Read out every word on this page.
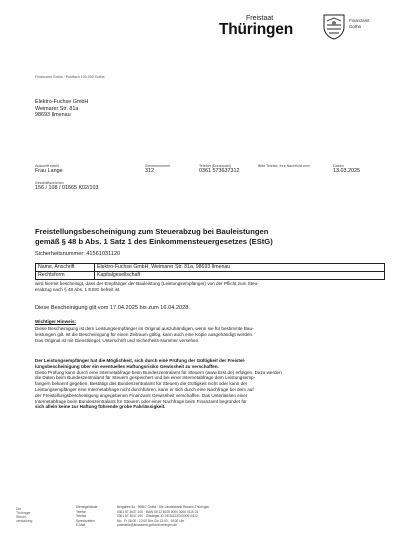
Freistaat
Thüringen
Finanzamt
Gotha
Finanzamt Gotha · Postfach 100 000 Gotha
Elektro-Fuchse GmbH
Weimarer Str. 81a
98693 Ilmenau
Auskunft erteilt
Frau Lange
Geschäftszeichen
156 / 108 / 01665 K02/103
Zimmernummer
312
Telefon (Durchwahl)
0361 573637312
Bitte Telefax, Ihre Nachricht vom	Datum
13.03.2025
Freistellungsbescheinigung zum Steuerabzug bei Bauleistungen
gemäß § 48 b Abs. 1 Satz 1 des Einkommensteuergesetzes (EStG)
Sicherheitsnummer: 41561031120
Name, Anschrift	Elektro-Fuchse GmbH, Weimarer Str. 81a, 98693 Ilmenau
Rechtsform	Kapitalgesellschaft
wird hiermit bescheinigt, dass der Empfänger der Bauleistung (Leistungsempfänger) von der Pflicht zum Steu-
erabzug nach § 48 Abs. 1 EStG befreit ist.
Diese Bescheinigung gilt vom 17.04.2025 bis zum 16.04.2028.
Wichtiger Hinweis:
Diese Bescheinigung ist dem Leistungsempfänger im Original auszuhändigen, wenn sie für bestimmte Bau-
leistungen gilt. Ist die Bescheinigung für einen Zeitraum gültig, kann auch eine Kopie ausgehändigt werden.
Das Original ist mit Dienstsiegel, Unterschrift und Sicherheits-Nummer versehen.
Der Leistungsempfänger hat die Möglichkeit, sich durch eine Prüfung der Gültigkeit der Freistel-
lungsbescheinigung über ein eventuelles Haftungsrisiko Gewissheit zu verschaffen.
Diese Prüfung kann durch eine Internetabfrage beim Bundeszentralamt für Steuern (www.bzst.de) erfolgen. Dazu werden
die Daten beim Bundeszentralamt für Steuern gespeichert und bei einer Internetabfrage dem Leistungsemp-
fangern bekannt gegeben. Bestätigt das Bundeszentralamt für Steuern die Gültigkeit nicht oder kann der
Leistungsempfänger eine Internetabfrage nicht durchführen, kann er sich durch eine Nachfrage bei dem auf
der Freistellungsbescheinigung angegebenen Finanzamt Gewissheit verschaffen. Das Unterlassen einer
Internetabfrage beim Bundeszentralamt für Steuern oder einer Nachfrage beim Finanzamt begründet für
sich allein keine zur Haftung führende grobe Fahrlässigkeit.
Die
Thüringer
Steuer-
verwaltung
Dienstgebäude
Telefon
Telefax
Sprechzeiten
E-Mail
Bergallee 5a · 99867 Gotha · Die Landesbank Hessen-Thüringen
0361 57 3637-100 · IBAN DE12 8205 0000 3006 4115 24
0361 57 3637-190 · Gläubiger-ID DE34ZZZ00000010112
Mo - Fr 08:00 - 12:00 Uhr, Do 13:00 - 18:00 Uhr
poststelle@finanzamt-gotha.thueringen.de
